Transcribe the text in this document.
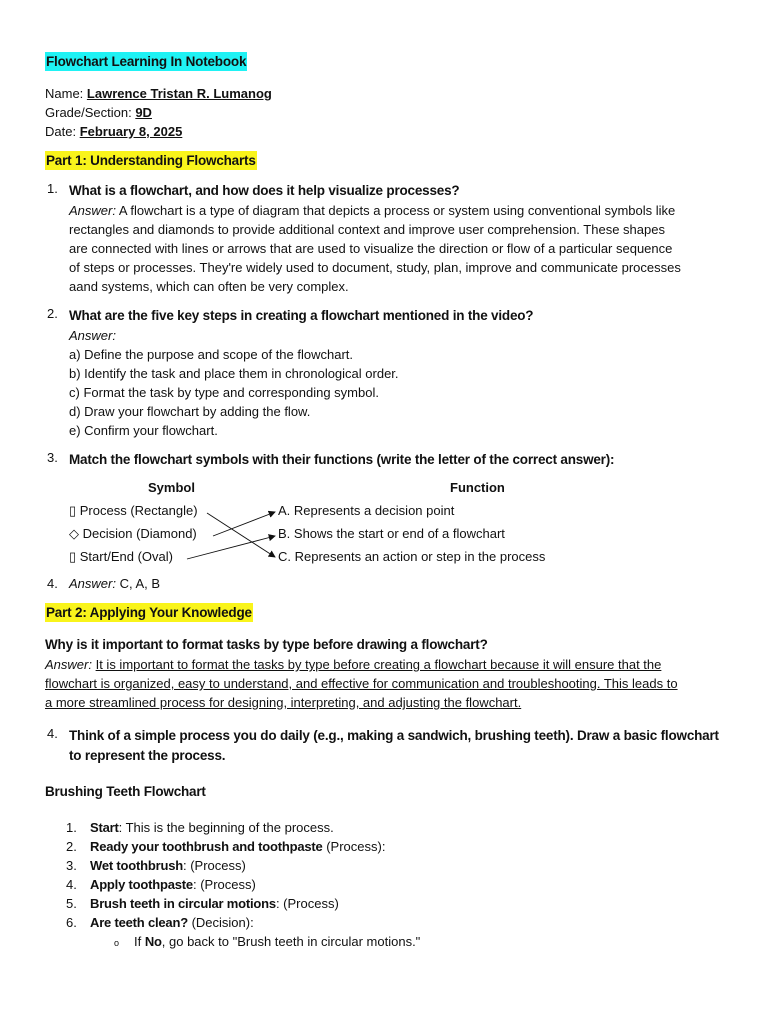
Flowchart Learning In Notebook
Name: Lawrence Tristan R. Lumanog
Grade/Section: 9D
Date: February 8, 2025
Part 1: Understanding Flowcharts
1. What is a flowchart, and how does it help visualize processes?
Answer: A flowchart is a type of diagram that depicts a process or system using conventional symbols like
rectangles and diamonds to provide additional context and improve user comprehension. These shapes
are connected with lines or arrows that are used to visualize the direction or flow of a particular sequence
of steps or processes. They're widely used to document, study, plan, improve and communicate processes
aand systems, which can often be very complex.
2. What are the five key steps in creating a flowchart mentioned in the video?
Answer:
a) Define the purpose and scope of the flowchart.
b) Identify the task and place them in chronological order.
c) Format the task by type and corresponding symbol.
d) Draw your flowchart by adding the flow.
e) Confirm your flowchart.
3. Match the flowchart symbols with their functions (write the letter of the correct answer):
Symbol	Function
▯ Process (Rectangle)
◇ Decision (Diamond)
▯ Start/End (Oval)
A. Represents a decision point
B. Shows the start or end of a flowchart
C. Represents an action or step in the process
4. Answer: C, A, B
Part 2: Applying Your Knowledge
Why is it important to format tasks by type before drawing a flowchart?
Answer: It is important to format the tasks by type before creating a flowchart because it will ensure that the
flowchart is organized, easy to understand, and effective for communication and troubleshooting. This leads to
a more streamlined process for designing, interpreting, and adjusting the flowchart.
4. Think of a simple process you do daily (e.g., making a sandwich, brushing teeth). Draw a basic flowchart
to represent the process.
Brushing Teeth Flowchart
1. Start: This is the beginning of the process.
2. Ready your toothbrush and toothpaste (Process):
3. Wet toothbrush: (Process)
4. Apply toothpaste: (Process)
5. Brush teeth in circular motions: (Process)
6. Are teeth clean? (Decision):
o If No, go back to "Brush teeth in circular motions."
